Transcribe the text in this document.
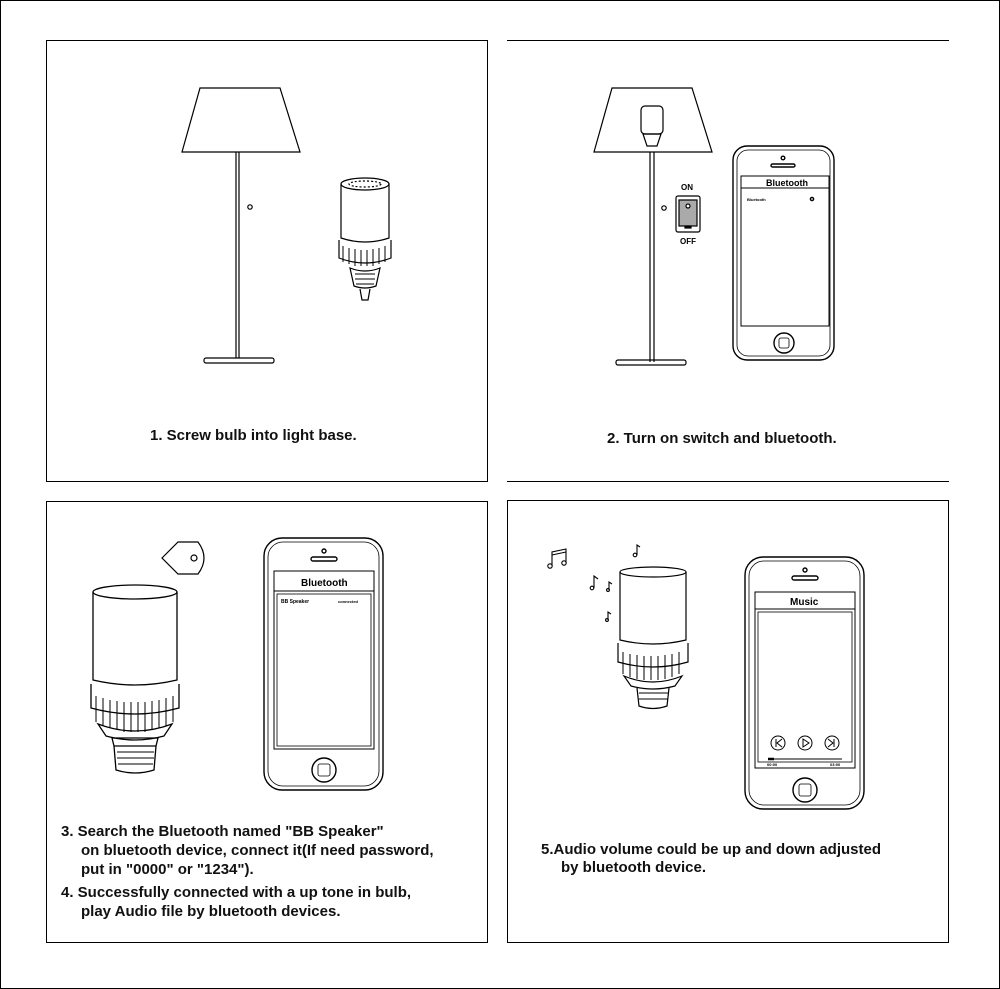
1. Screw bulb into light base.
ON
OFF
Bluetooth
Bluetooth
2. Turn on switch and bluetooth.
Bluetooth
BB Speaker	connected
3. Search the Bluetooth named "BB Speaker"
on bluetooth device, connect it(If need password,
put in "0000" or "1234").
4. Successfully connected with a up tone in bulb,
play Audio file by bluetooth devices.
Music
00:00	03:00
5.Audio volume could be up and down adjusted
by bluetooth device.
